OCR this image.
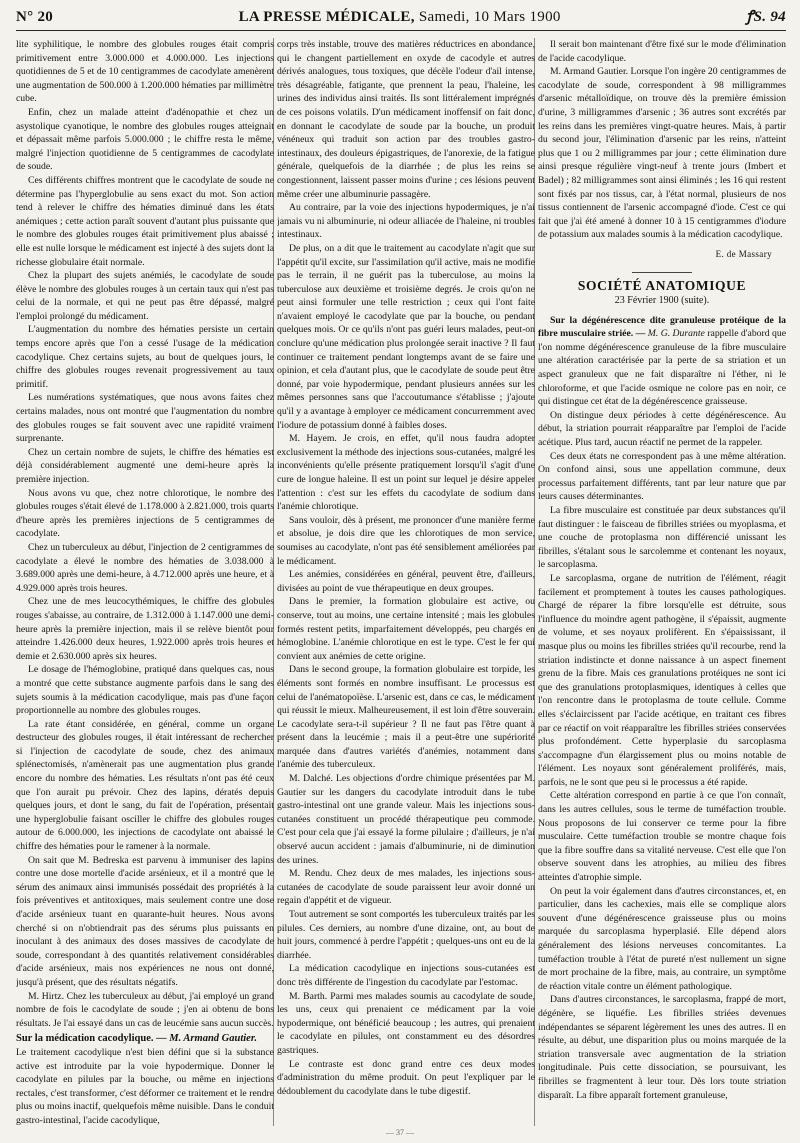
N° 20	LA PRESSE MÉDICALE, Samedi, 10 Mars 1900	ꝭS. 94

lite syphilitique, le nombre des globules rouges était compris primitivement entre 3.000.000 et 4.000.000. Les injections quotidiennes de 5 et de 10 centigrammes de cacodylate amenèrent une augmentation de 500.000 à 1.200.000 hématies par millimètre cube.

Enfin, chez un malade atteint d'adénopathie et chez un asystolique cyanotique, le nombre des globules rouges atteignait et dépassait même parfois 5.000.000 ; le chiffre resta le même, malgré l'injection quotidienne de 5 centigrammes de cacodylate de soude.

Ces différents chiffres montrent que le cacodylate de soude ne détermine pas l'hyperglobulie au sens exact du mot. Son action tend à relever le chiffre des hématies diminué dans les états anémiques ; cette action paraît souvent d'autant plus puissante que le nombre des globules rouges était primitivement plus abaissé ; elle est nulle lorsque le médicament est injecté à des sujets dont la richesse globulaire était normale.

Chez la plupart des sujets anémiés, le cacodylate de soude élève le nombre des globules rouges à un certain taux qui n'est pas celui de la normale, et qui ne peut pas être dépassé, malgré l'emploi prolongé du médicament.

L'augmentation du nombre des hématies persiste un certain temps encore après que l'on a cessé l'usage de la médication cacodylique. Chez certains sujets, au bout de quelques jours, le chiffre des globules rouges revenait progressivement au taux primitif.

Les numérations systématiques, que nous avons faites chez certains malades, nous ont montré que l'augmentation du nombre des globules rouges se fait souvent avec une rapidité vraiment surprenante.

Chez un certain nombre de sujets, le chiffre des hématies est déjà considérablement augmenté une demi-heure après la première injection.

Nous avons vu que, chez notre chlorotique, le nombre des globules rouges s'était élevé de 1.178.000 à 2.821.000, trois quarts d'heure après les premières injections de 5 centigrammes de cacodylate.

Chez un tuberculeux au début, l'injection de 2 centigrammes de cacodylate a élevé le nombre des hématies de 3.038.000 à 3.689.000 après une demi-heure, à 4.712.000 après une heure, et à 4.929.000 après trois heures.

Chez une de mes leucocythémiques, le chiffre des globules rouges s'abaisse, au contraire, de 1.312.000 à 1.147.000 une demi-heure après la première injection, mais il se relève bientôt pour atteindre 1.426.000 deux heures, 1.922.000 après trois heures et demie et 2.630.000 après six heures.

Le dosage de l'hémoglobine, pratiqué dans quelques cas, nous a montré que cette substance augmente parfois dans le sang des sujets soumis à la médication cacodylique, mais pas d'une façon proportionnelle au nombre des globules rouges.

La rate étant considérée, en général, comme un organe destructeur des globules rouges, il était intéressant de rechercher si l'injection de cacodylate de soude, chez des animaux splénectomisés, n'amènerait pas une augmentation plus grande encore du nombre des hématies. Les résultats n'ont pas été ceux que l'on aurait pu prévoir. Chez des lapins, dératés depuis quelques jours, et dont le sang, du fait de l'opération, présentait une hyperglobulie faisant osciller le chiffre des globules rouges autour de 6.000.000, les injections de cacodylate ont abaissé le chiffre des hématies pour le ramener à la normale.

On sait que M. Bedreska est parvenu à immuniser des lapins contre une dose mortelle d'acide arsénieux, et il a montré que le sérum des animaux ainsi immunisés possédait des propriétés à la fois préventives et antitoxiques, mais seulement contre une dose d'acide arsénieux tuant en quarante-huit heures. Nous avons cherché si on n'obtiendrait pas des sérums plus puissants en inoculant à des animaux des doses massives de cacodylate de soude, correspondant à des quantités relativement considérables d'acide arsénieux, mais nos expériences ne nous ont donné, jusqu'à présent, que des résultats négatifs.

M. Hirtz. Chez les tuberculeux au début, j'ai employé un grand nombre de fois le cacodylate de soude ; j'en ai obtenu de bons résultats. Je l'ai essayé dans un cas de leucémie sans aucun succès.

Sur la médication cacodylique. — M. Armand Gautier.

Le traitement cacodylique n'est bien défini que si la substance active est introduite par la voie hypodermique. Donner le cacodylate en pilules par la bouche, ou même en injections rectales, c'est transformer, c'est déformer ce traitement et le rendre plus ou moins inactif, quelquefois même nuisible. Dans le conduit gastro-intestinal, l'acide cacodylique,

corps très instable, trouve des matières réductrices en abondance, qui le changent partiellement en oxyde de cacodyle et autres dérivés analogues, tous toxiques, que décèle l'odeur d'ail intense, très désagréable, fatigante, que prennent la peau, l'haleine, les urines des individus ainsi traités. Ils sont littéralement imprégnés de ces poisons volatils. D'un médicament inoffensif on fait donc, en donnant le cacodylate de soude par la bouche, un produit vénéneux qui traduit son action par des troubles gastro-intestinaux, des douleurs épigastriques, de l'anorexie, de la fatigue générale, quelquefois de la diarrhée ; de plus les reins se congestionnent, laissent passer moins d'urine ; ces lésions peuvent même créer une albuminurie passagère.

Au contraire, par la voie des injections hypodermiques, je n'ai jamais vu ni albuminurie, ni odeur alliacée de l'haleine, ni troubles intestinaux.

De plus, on a dit que le traitement au cacodylate n'agit que sur l'appétit qu'il excite, sur l'assimilation qu'il active, mais ne modifie pas le terrain, il ne guérit pas la tuberculose, au moins la tuberculose aux deuxième et troisième degrés. Je crois qu'on ne peut ainsi formuler une telle restriction ; ceux qui l'ont faite n'avaient employé le cacodylate que par la bouche, ou pendant quelques mois. Or ce qu'ils n'ont pas guéri leurs malades, peut-on conclure qu'une médication plus prolongée serait inactive ? Il faut continuer ce traitement pendant longtemps avant de se faire une opinion, et cela d'autant plus, que le cacodylate de soude peut être donné, par voie hypodermique, pendant plusieurs années sur les mêmes personnes sans que l'accoutumance s'établisse ; j'ajoute qu'il y a avantage à employer ce médicament concurremment avec l'iodure de potassium donné à faibles doses.

M. Hayem. Je crois, en effet, qu'il nous faudra adopter exclusivement la méthode des injections sous-cutanées, malgré les inconvénients qu'elle présente pratiquement lorsqu'il s'agit d'une cure de longue haleine. Il est un point sur lequel je désire appeler l'attention : c'est sur les effets du cacodylate de sodium dans l'anémie chlorotique.

Sans vouloir, dès à présent, me prononcer d'une manière ferme et absolue, je dois dire que les chlorotiques de mon service, soumises au cacodylate, n'ont pas été sensiblement améliorées par le médicament.

Les anémies, considérées en général, peuvent être, d'ailleurs, divisées au point de vue thérapeutique en deux groupes.

Dans le premier, la formation globulaire est active, ou conserve, tout au moins, une certaine intensité ; mais les globules formés restent petits, imparfaitement développés, peu chargés en hémoglobine. L'anémie chlorotique en est le type. C'est le fer qui convient aux anémies de cette origine.

Dans le second groupe, la formation globulaire est torpide, les éléments sont formés en nombre insuffisant. Le processus est celui de l'anématopoïèse. L'arsenic est, dans ce cas, le médicament qui réussit le mieux. Malheureusement, il est loin d'être souverain. Le cacodylate sera-t-il supérieur ? Il ne faut pas l'être quant à présent dans la leucémie ; mais il a peut-être une supériorité marquée dans d'autres variétés d'anémies, notamment dans l'anémie des tuberculeux.

M. Dalché. Les objections d'ordre chimique présentées par M. Gautier sur les dangers du cacodylate introduit dans le tube gastro-intestinal ont une grande valeur. Mais les injections sous-cutanées constituent un procédé thérapeutique peu commode. C'est pour cela que j'ai essayé la forme pilulaire ; d'ailleurs, je n'ai observé aucun accident : jamais d'albuminurie, ni de diminution des urines.

M. Rendu. Chez deux de mes malades, les injections sous-cutanées de cacodylate de soude paraissent leur avoir donné un regain d'appétit et de vigueur.

Tout autrement se sont comportés les tuberculeux traités par les pilules. Ces derniers, au nombre d'une dizaine, ont, au bout de huit jours, commencé à perdre l'appétit ; quelques-uns ont eu de la diarrhée.

La médication cacodylique en injections sous-cutanées est donc très différente de l'ingestion du cacodylate par l'estomac.

M. Barth. Parmi mes malades soumis au cacodylate de soude, les uns, ceux qui prenaient ce médicament par la voie hypodermique, ont bénéficié beaucoup ; les autres, qui prenaient le cacodylate en pilules, ont constamment eu des désordres gastriques.

Le contraste est donc grand entre ces deux modes d'administration du même produit. On peut l'expliquer par le dédoublement du cacodylate dans le tube digestif.

Il serait bon maintenant d'être fixé sur le mode d'élimination de l'acide cacodylique.

M. Armand Gautier. Lorsque l'on ingère 20 centigrammes de cacodylate de soude, correspondent à 98 milligrammes d'arsenic métalloïdique, on trouve dès la première émission d'urine, 3 milligrammes d'arsenic ; 36 autres sont excrétés par les reins dans les premières vingt-quatre heures. Mais, à partir du second jour, l'élimination d'arsenic par les reins, n'atteint plus que 1 ou 2 milligrammes par jour ; cette élimination dure ainsi presque régulière vingt-neuf à trente jours (Imbert et Badel) ; 82 milligrammes sont ainsi éliminés ; les 16 qui restent sont fixés par nos tissus, car, à l'état normal, plusieurs de nos tissus contiennent de l'arsenic accompagné d'iode. C'est ce qui fait que j'ai été amené à donner 10 à 15 centigrammes d'iodure de potassium aux malades soumis à la médication cacodylique.

E. de Massary

SOCIÉTÉ ANATOMIQUE
23 Février 1900 (suite).

Sur la dégénérescence dite granuleuse protéique de la fibre musculaire striée. — M. G. Durante rappelle d'abord que l'on nomme dégénérescence granuleuse de la fibre musculaire une altération caractérisée par la perte de sa striation et un aspect granuleux que ne fait disparaître ni l'éther, ni le chloroforme, et que l'acide osmique ne colore pas en noir, ce qui distingue cet état de la dégénérescence graisseuse.

On distingue deux périodes à cette dégénérescence. Au début, la striation pourrait réapparaître par l'emploi de l'acide acétique. Plus tard, aucun réactif ne permet de la rappeler.

Ces deux états ne correspondent pas à une même altération. On confond ainsi, sous une appellation commune, deux processus parfaitement différents, tant par leur nature que par leurs causes déterminantes.

La fibre musculaire est constituée par deux substances qu'il faut distinguer : le faisceau de fibrilles striées ou myoplasma, et une couche de protoplasma non différencié unissant les fibrilles, s'étalant sous le sarcolemme et contenant les noyaux, le sarcoplasma.

Le sarcoplasma, organe de nutrition de l'élément, réagit facilement et promptement à toutes les causes pathologiques. Chargé de réparer la fibre lorsqu'elle est détruite, sous l'influence du moindre agent pathogène, il s'épaissit, augmente de volume, et ses noyaux prolifèrent. En s'épaississant, il masque plus ou moins les fibrilles striées qu'il recourbe, rend la striation indistincte et donne naissance à un aspect finement grenu de la fibre. Mais ces granulations protéiques ne sont ici que des granulations protoplasmiques, identiques à celles que l'on rencontre dans le protoplasma de toute cellule. Comme elles s'éclaircissent par l'acide acétique, en traitant ces fibres par ce réactif on voit réapparaître les fibrilles striées conservées plus profondément. Cette hyperplasie du sarcoplasma s'accompagne d'un élargissement plus ou moins notable de l'élément. Les noyaux sont généralement proliférés, mais, parfois, ne le sont que peu si le processus a été rapide.

Cette altération correspond en partie à ce que l'on connaît, dans les autres cellules, sous le terme de tuméfaction trouble. Nous proposons de lui conserver ce terme pour la fibre musculaire. Cette tuméfaction trouble se montre chaque fois que la fibre souffre dans sa vitalité nerveuse. C'est elle que l'on observe souvent dans les atrophies, au milieu des fibres atteintes d'atrophie simple.

On peut la voir également dans d'autres circonstances, et, en particulier, dans les cachexies, mais elle se complique alors souvent d'une dégénérescence graisseuse plus ou moins marquée du sarcoplasma hyperplasié. Elle dépend alors généralement des lésions nerveuses concomitantes. La tuméfaction trouble à l'état de pureté n'est nullement un signe de mort prochaine de la fibre, mais, au contraire, un symptôme de réaction vitale contre un élément pathologique.

Dans d'autres circonstances, le sarcoplasma, frappé de mort, dégénère, se liquéfie. Les fibrilles striées devenues indépendantes se séparent légèrement les unes des autres. Il en résulte, au début, une disparition plus ou moins marquée de la striation transversale avec augmentation de la striation longitudinale. Puis cette dissociation, se poursuivant, les fibrilles se fragmentent à leur tour. Dès lors toute striation disparaît. La fibre apparaît fortement granuleuse,

— 37 —
